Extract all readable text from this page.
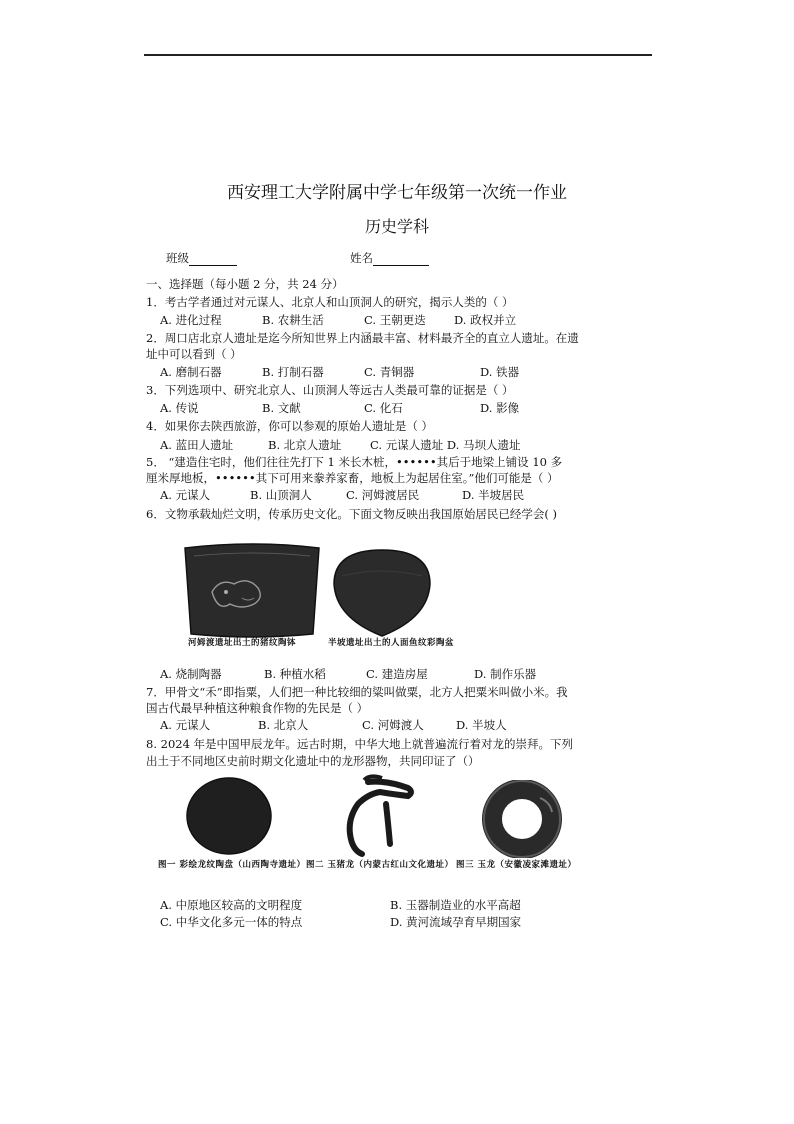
西安理工大学附属中学七年级第一次统一作业
历史学科
班级	姓名
一、选择题（每小题 2 分，共 24 分）
1．考古学者通过对元谋人、北京人和山顶洞人的研究，揭示人类的（ ）
A. 进化过程	B. 农耕生活	C. 王朝更迭 D. 政权并立
2．周口店北京人遗址是迄今所知世界上内涵最丰富、材料最齐全的直立人遗址。在遗
址中可以看到（ ）
A. 磨制石器	B. 打制石器	C. 青铜器	D. 铁器
3．下列选项中、研究北京人、山顶洞人等远古人类最可靠的证据是（ ）
A. 传说	B. 文献	C. 化石	D. 影像
4．如果你去陕西旅游，你可以参观的原始人遗址是（ ）
A. 蓝田人遗址	B. 北京人遗址 C. 元谋人遗址 D. 马坝人遗址
5． “建造住宅时，他们往往先打下 1 米长木桩，••••••其后于地梁上铺设 10 多
厘米厚地板，••••••其下可用来豢养家畜，地板上为起居住室。”他们可能是（ ）
A. 元谋人	B. 山顶洞人	C. 河姆渡居民	D. 半坡居民
6．文物承载灿烂文明，传承历史文化。下面文物反映出我国原始居民已经学会( )
河姆渡遗址出土的猪纹陶钵	半坡遗址出土的人面鱼纹彩陶盆
A. 烧制陶器	B. 种植水稻	C. 建造房屋	D. 制作乐器
7．甲骨文“禾”即指粟，人们把一种比较细的粱叫做粟，北方人把粟米叫做小米。我
国古代最早种植这种粮食作物的先民是（ ）
A. 元谋人	B. 北京人	C. 河姆渡人	D. 半坡人
8. 2024 年是中国甲辰龙年。远古时期，中华大地上就普遍流行着对龙的崇拜。下列
出土于不同地区史前时期文化遗址中的龙形器物，共同印证了（）
图一 彩绘龙纹陶盘（山西陶寺遗址） 图二 玉猪龙（内蒙古红山文化遗址） 图三 玉龙（安徽凌家滩遗址）
A. 中原地区较高的文明程度	B. 玉器制造业的水平高超
C. 中华文化多元一体的特点	D. 黄河流域孕育早期国家
